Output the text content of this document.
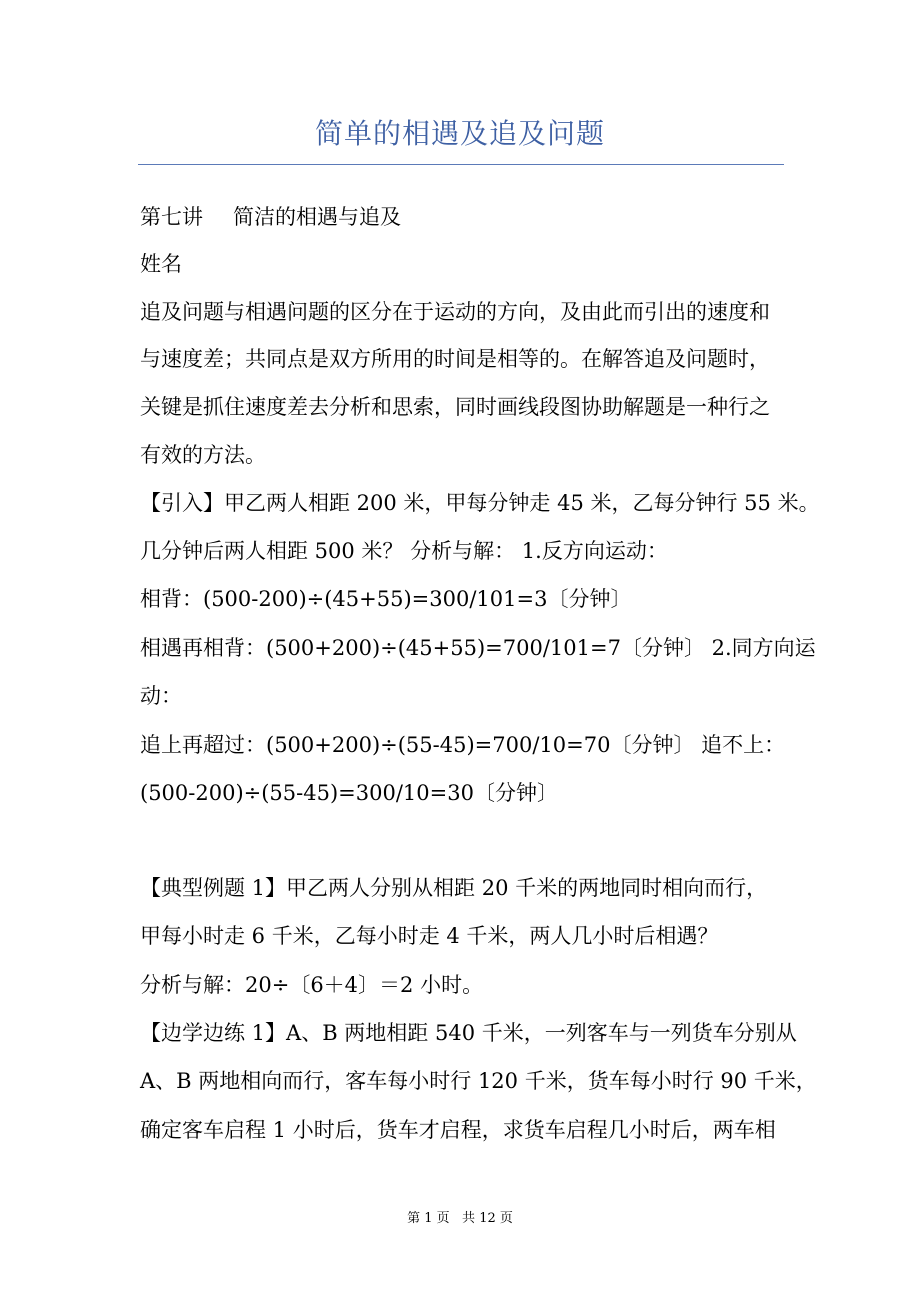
简单的相遇及追及问题
第七讲 简洁的相遇与追及
姓名
追及问题与相遇问题的区分在于运动的方向，及由此而引出的速度和
与速度差；共同点是双方所用的时间是相等的。在解答追及问题时，
关键是抓住速度差去分析和思索，同时画线段图协助解题是一种行之
有效的方法。
【引入】甲乙两人相距 200 米，甲每分钟走 45 米，乙每分钟行 55 米。
几分钟后两人相距 500 米？ 分析与解： 1.反方向运动：
相背：(500-200)÷(45+55)=300/101=3〔分钟〕
相遇再相背：(500+200)÷(45+55)=700/101=7〔分钟〕 2.同方向运
动：
追上再超过：(500+200)÷(55-45)=700/10=70〔分钟〕 追不上：
(500-200)÷(55-45)=300/10=30〔分钟〕
【典型例题 1】甲乙两人分别从相距 20 千米的两地同时相向而行，
甲每小时走 6 千米，乙每小时走 4 千米，两人几小时后相遇？
分析与解：20÷〔6＋4〕＝2 小时。
【边学边练 1】A、B 两地相距 540 千米，一列客车与一列货车分别从
A、B 两地相向而行，客车每小时行 120 千米，货车每小时行 90 千米，
确定客车启程 1 小时后，货车才启程，求货车启程几小时后，两车相
第 1 页   共 12 页
